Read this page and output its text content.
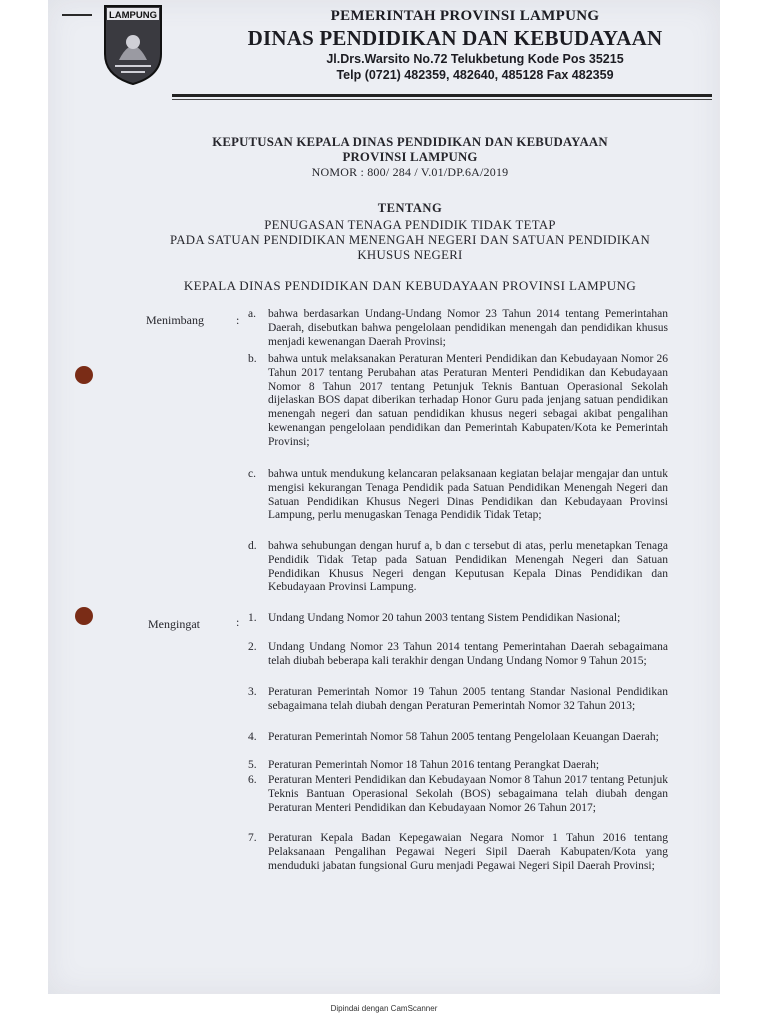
LAMPUNG	PEMERINTAH PROVINSI LAMPUNG
DINAS PENDIDIKAN DAN KEBUDAYAAN
Jl.Drs.Warsito No.72 Telukbetung Kode Pos 35215
Telp (0721) 482359, 482640, 485128 Fax 482359
KEPUTUSAN KEPALA DINAS PENDIDIKAN DAN KEBUDAYAAN
PROVINSI LAMPUNG
NOMOR : 800/ 284 / V.01/DP.6A/2019
TENTANG
PENUGASAN TENAGA PENDIDIK TIDAK TETAP
PADA SATUAN PENDIDIKAN MENENGAH NEGERI DAN SATUAN PENDIDIKAN
KHUSUS NEGERI
KEPALA DINAS PENDIDIKAN DAN KEBUDAYAAN PROVINSI LAMPUNG
Menimbang	: a.	bahwa berdasarkan Undang-Undang Nomor 23 Tahun 2014 tentang Pemerintahan Daerah, disebutkan bahwa pengelolaan pendidikan menengah dan pendidikan khusus menjadi kewenangan Daerah Provinsi;
b. bahwa untuk melaksanakan Peraturan Menteri Pendidikan dan Kebudayaan Nomor 26 Tahun 2017 tentang Perubahan atas Peraturan Menteri Pendidikan dan Kebudayaan Nomor 8 Tahun 2017 tentang Petunjuk Teknis Bantuan Operasional Sekolah dijelaskan BOS dapat diberikan terhadap Honor Guru pada jenjang satuan pendidikan menengah negeri dan satuan pendidikan khusus negeri sebagai akibat pengalihan kewenangan pengelolaan pendidikan dan Pemerintah Kabupaten/Kota ke Pemerintah Provinsi;
c.	bahwa untuk mendukung kelancaran pelaksanaan kegiatan belajar mengajar dan untuk mengisi kekurangan Tenaga Pendidik pada Satuan Pendidikan Menengah Negeri dan Satuan Pendidikan Khusus Negeri Dinas Pendidikan dan Kebudayaan Provinsi Lampung, perlu menugaskan Tenaga Pendidik Tidak Tetap;
d. bahwa sehubungan dengan huruf a, b dan c tersebut di atas, perlu menetapkan Tenaga Pendidik Tidak Tetap pada Satuan Pendidikan Menengah Negeri dan Satuan Pendidikan Khusus Negeri dengan Keputusan Kepala Dinas Pendidikan dan Kebudayaan Provinsi Lampung.
Mengingat	: 1. Undang Undang Nomor 20 tahun 2003 tentang Sistem Pendidikan Nasional;
2. Undang Undang Nomor 23 Tahun 2014 tentang Pemerintahan Daerah sebagaimana telah diubah beberapa kali terakhir dengan Undang Undang Nomor 9 Tahun 2015;
3. Peraturan Pemerintah Nomor 19 Tahun 2005 tentang Standar Nasional Pendidikan sebagaimana telah diubah dengan Peraturan Pemerintah Nomor 32 Tahun 2013;
4. Peraturan Pemerintah Nomor 58 Tahun 2005 tentang Pengelolaan Keuangan Daerah;
5. Peraturan Pemerintah Nomor 18 Tahun 2016 tentang Perangkat Daerah;
6. Peraturan Menteri Pendidikan dan Kebudayaan Nomor 8 Tahun 2017 tentang Petunjuk Teknis Bantuan Operasional Sekolah (BOS) sebagaimana telah diubah dengan Peraturan Menteri Pendidikan dan Kebudayaan Nomor 26 Tahun 2017;
7. Peraturan Kepala Badan Kepegawaian Negara Nomor 1 Tahun 2016 tentang Pelaksanaan Pengalihan Pegawai Negeri Sipil Daerah Kabupaten/Kota yang menduduki jabatan fungsional Guru menjadi Pegawai Negeri Sipil Daerah Provinsi;
Dipindai dengan CamScanner
